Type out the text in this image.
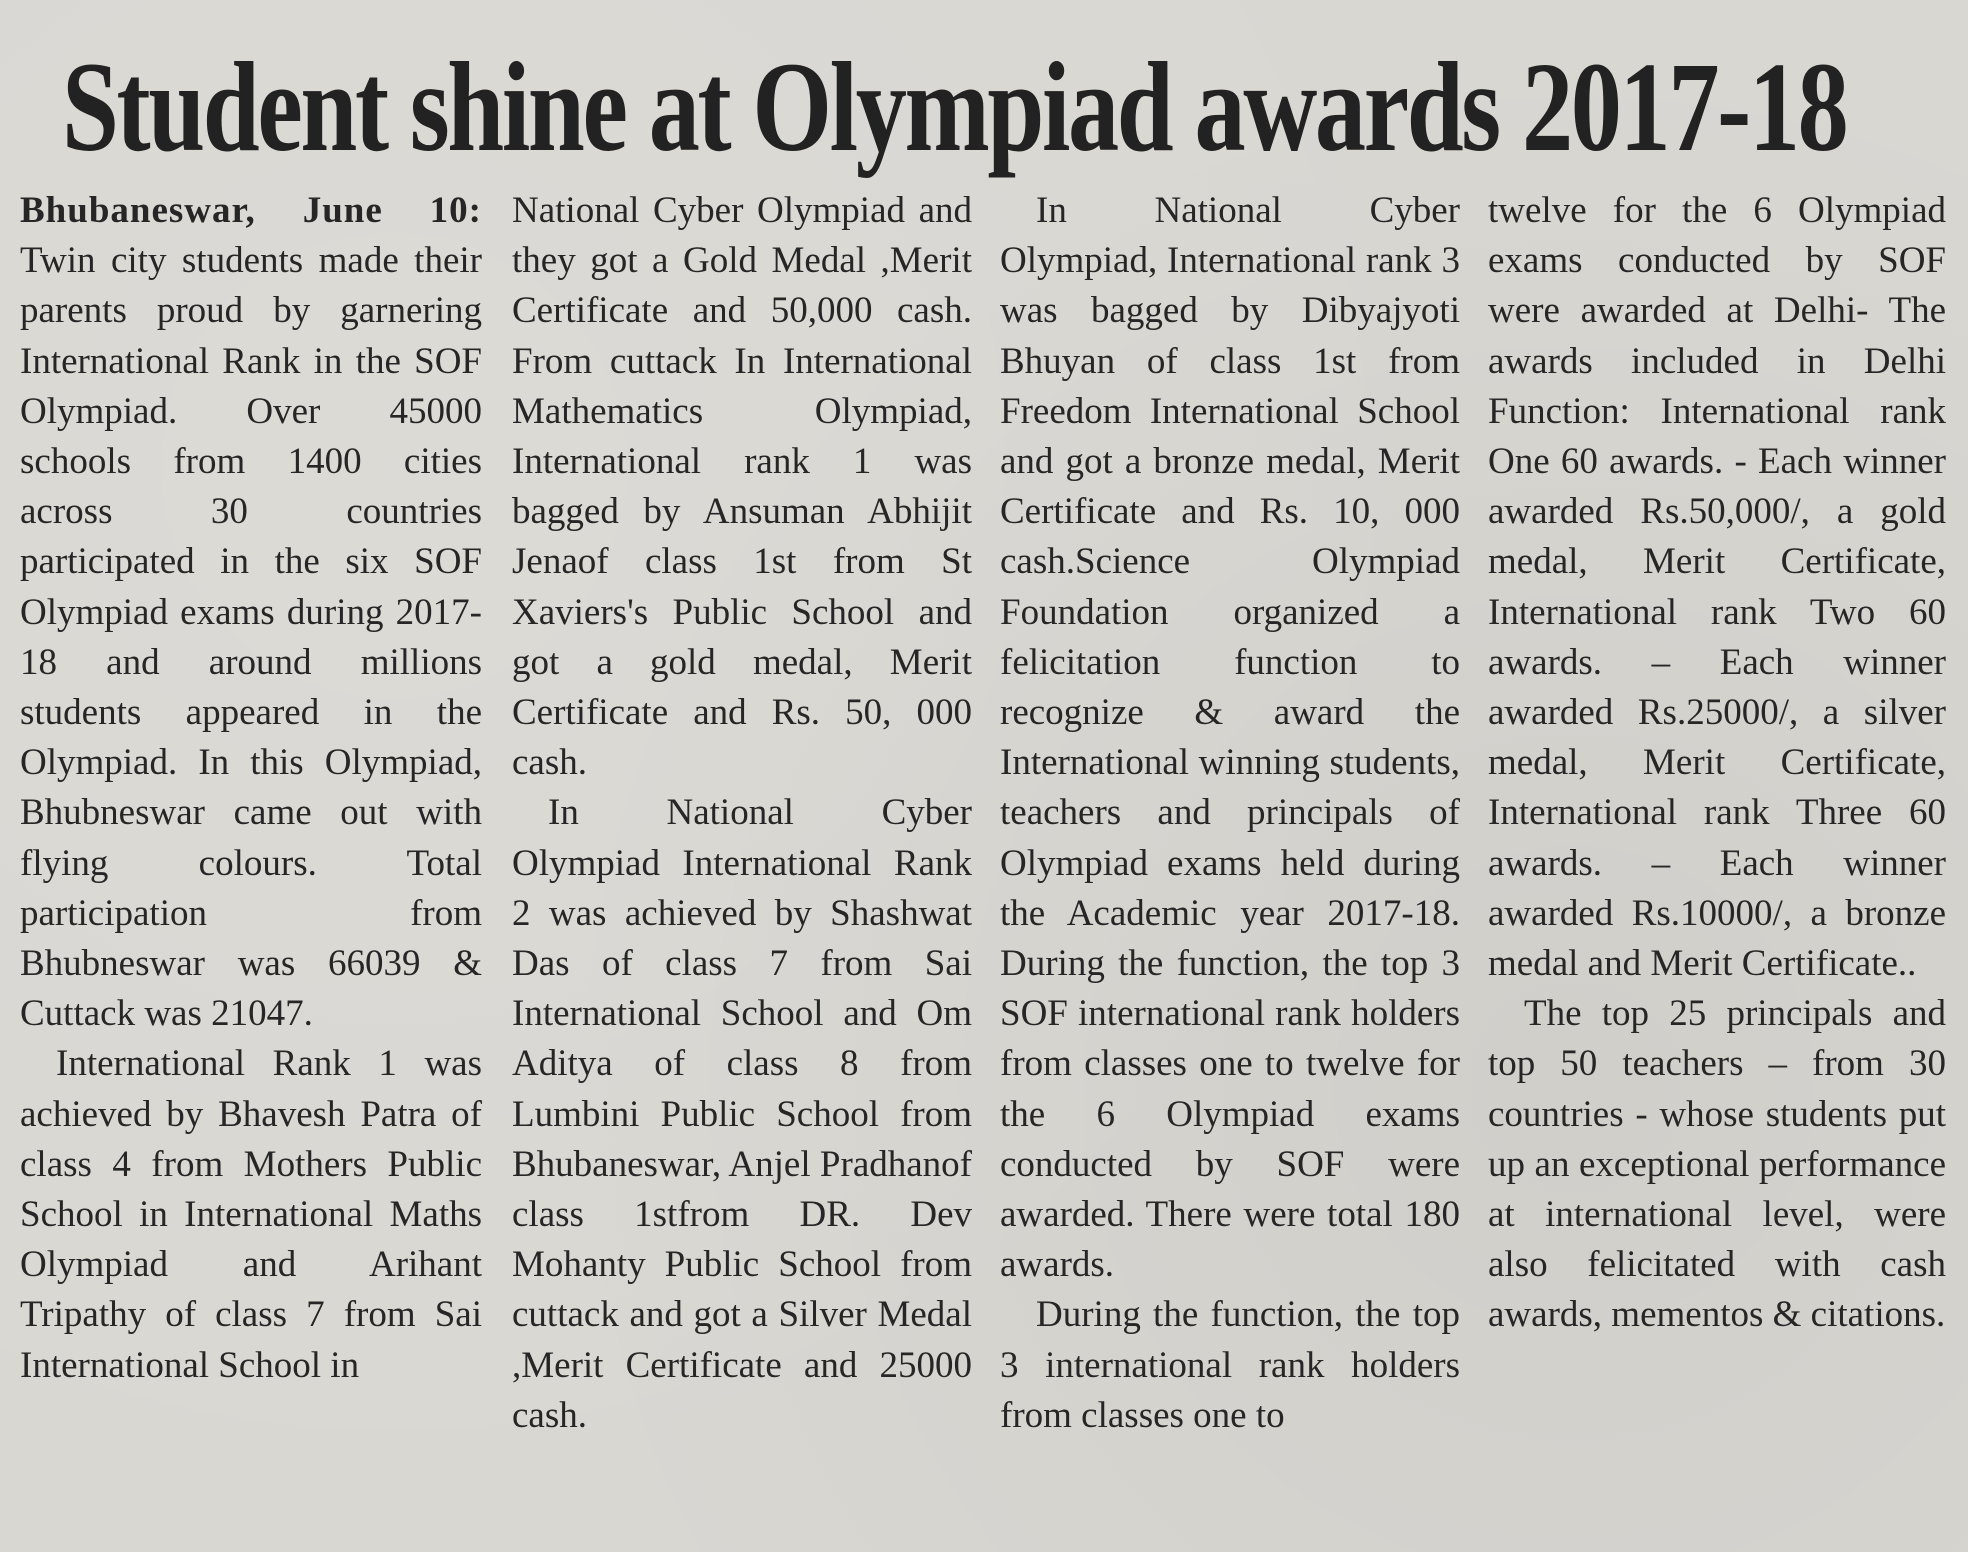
Student shine at Olympiad awards 2017-18

Bhubaneswar, June 10: Twin city students made their parents proud by garnering International Rank in the SOF Olympiad. Over 45000 schools from 1400 cities across 30 countries participated in the six SOF Olympiad exams during 2017-18 and around millions students appeared in the Olympiad. In this Olympiad, Bhubneswar came out with flying colours. Total participation from Bhubneswar was 66039 & Cuttack was 21047.

International Rank 1 was achieved by Bhavesh Patra of class 4 from Mothers Public School in International Maths Olympiad and Arihant Tripathy of class 7 from Sai International School in

National Cyber Olympiad and they got a Gold Medal ,Merit Certificate and 50,000 cash. From cuttack In International Mathematics Olympiad, International rank 1 was bagged by Ansuman Abhijit Jenaof class 1st from St Xaviers's Public School and got a gold medal, Merit Certificate and Rs. 50, 000 cash.

In National Cyber Olympiad International Rank 2 was achieved by Shashwat Das of class 7 from Sai International School and Om Aditya of class 8 from Lumbini Public School from Bhubaneswar, Anjel Pradhanof class 1stfrom DR. Dev Mohanty Public School from cuttack and got a Silver Medal ,Merit Certificate and 25000 cash.

In National Cyber Olympiad, International rank 3 was bagged by Dibyajyoti Bhuyan of class 1st from Freedom International School and got a bronze medal, Merit Certificate and Rs. 10, 000 cash.Science Olympiad Foundation organized a felicitation function to recognize & award the International winning students, teachers and principals of Olympiad exams held during the Academic year 2017-18. During the function, the top 3 SOF international rank holders from classes one to twelve for the 6 Olympiad exams conducted by SOF were awarded. There were total 180 awards.

During the function, the top 3 international rank holders from classes one to

twelve for the 6 Olympiad exams conducted by SOF were awarded at Delhi- The awards included in Delhi Function: International rank One 60 awards. - Each winner awarded Rs.50,000/, a gold medal, Merit Certificate, International rank Two 60 awards. – Each winner awarded Rs.25000/, a silver medal, Merit Certificate, International rank Three 60 awards. – Each winner awarded Rs.10000/, a bronze medal and Merit Certificate..

The top 25 principals and top 50 teachers – from 30 countries - whose students put up an exceptional performance at international level, were also felicitated with cash awards, mementos & citations.
